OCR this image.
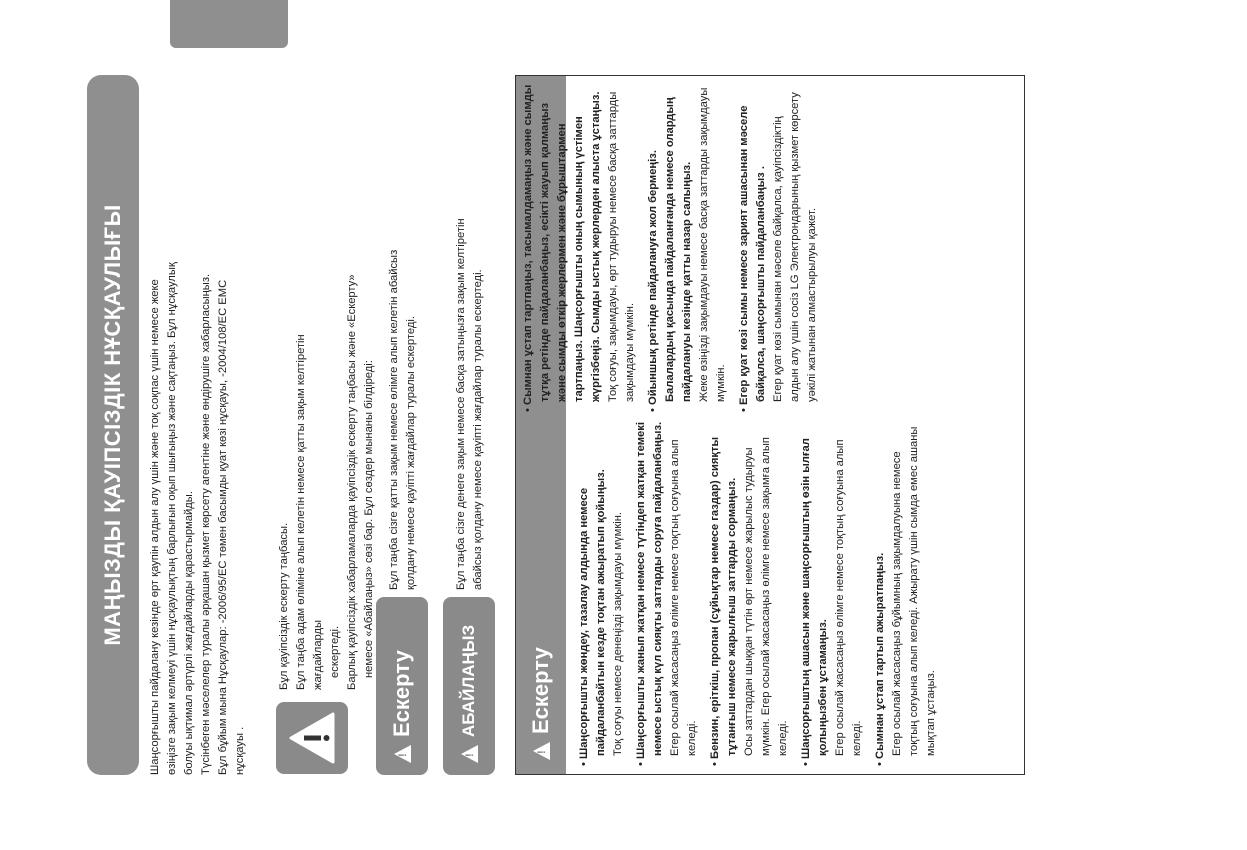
МАҢЫЗДЫ ҚАУІПСІЗДІК НҰСҚАУЛЫҒЫ Шаңсорғышты пайдалану кезінде өрт қаупін алдын алу үшін және тоқ соқпас үшін немесе жеке өзіңізге зақым келмеуі үшін нұсқаулықтың барлығын оқып шығыңыз және сақтаңыз. Бұл нұсқаулық болуы ықтимал әртүрлі жағдайларды қарастырмайды. Түсінбеген мәселелер туралы әрқашан қызмет көрсету агентіне және өндірушіге хабарласыңыз. Бұл бұйым мына Нұсқаулар: -2006/95/EC төмен басымды қуат көзі нұсқауы, -2004/108/EC EMC нұсқауы .

Бұл қауіпсіздік ескерту таңбасы. Бұл таңба адам өліміне алып келетін немесе қатты зақым келтіретін жағдайларды ескертеді. Барлық қауіпсіздік хабарламаларда қауіпсіздік ескерту таңбасы және «Ескерту» немесе «Абайлаңыз» сөзі бар. Бұл сөздер мынаны білдіреді:

!
Ескерту

Бұл таңба сізге қатты зақым немесе өлімге алып келетін абайсыз қолдану немесе қауіпті жағдайлар туралы ескертеді.

!
АБАЙЛАҢЫЗ

Бұл таңба сізге денеге зақым немесе басқа затыңызға зақым келтіретін абайсыз қолдану немесе қауіпті жағдайлар туралы ескертеді.

!
Ескерту

• Шаңсорғышты жөндеу, тазалау алдында немесе пайдаланбайтын кезде тоқтан ажыратып қойыңыз. Тоқ соғуы немесе денеңізді зақымдауы мүмкін.

• Шаңсорғышты жанып жатқан немесе түтіндеп жатқан темекі немесе ыстық күл сияқты заттарды соруға пайдаланбаңыз. Егер осылай жасасаңыз өлімге немесе тоқтың соғуына алып келеді.

• Бензин, еріткіш, пропан (сұйықтар немесе газдар) сияқты тұтанғыш немесе жарылғыш заттарды сормаңыз. Осы заттардан шыққан түтін өрт немесе жарылыс тудыруы мүмкін. Егер осылай жасасаңыз өлімге немесе зақымға алып келеді.

• Шаңсорғыштың ашасын және шаңсорғыштың өзін ылғал қолыңызбен ұстамаңыз. Егер осылай жасасаңыз өлімге немесе тоқтың соғуына алып келеді.

• Сымнан ұстап тартып ажыратпаңыз. Егер осылай жасасаңыз бұйымның зақымдалуына немесе тоқтың соғуына алып келеді. Ажырату үшін сымда емес ашаны мықтап ұстаңыз.

• Сымнан ұстап тартпаңыз, тасымалдамаңыз және сымды тұтқа ретінде пайдаланбаңыз, есікті жауып қалмаңыз және сымды өткір жерлермен және бұрыштармен тартпаңыз. Шаңсорғышты оның сымының үстімен жүргізбеңіз. Сымды ыстық жерлерден алыста ұстаңыз. Тоқ соғуы, зақымдауы, өрт тудыруы немесе басқа заттарды зақымдауы мүмкін.

• Ойыншық ретінде пайдалануға жол бермеңіз. Балалардың қасында пайдаланғанда немесе олардың пайдалануы кезінде қатты назар салыңыз. Жеке өзіңізді зақымдауы немесе басқа заттарды зақымдауы мүмкін.

• Егер қуат көзі сымы немесе зарият ашасынан мәселе байқалса, шаңсорғышты пайдаланбаңыз . Егер қуат көзі сымынан мәселе байқалса, қауіпсіздіктің алдын алу үшін сосіз LG Электрондарының қызмет көрсету уәкілі жатынан алмастырылуы қажет.
